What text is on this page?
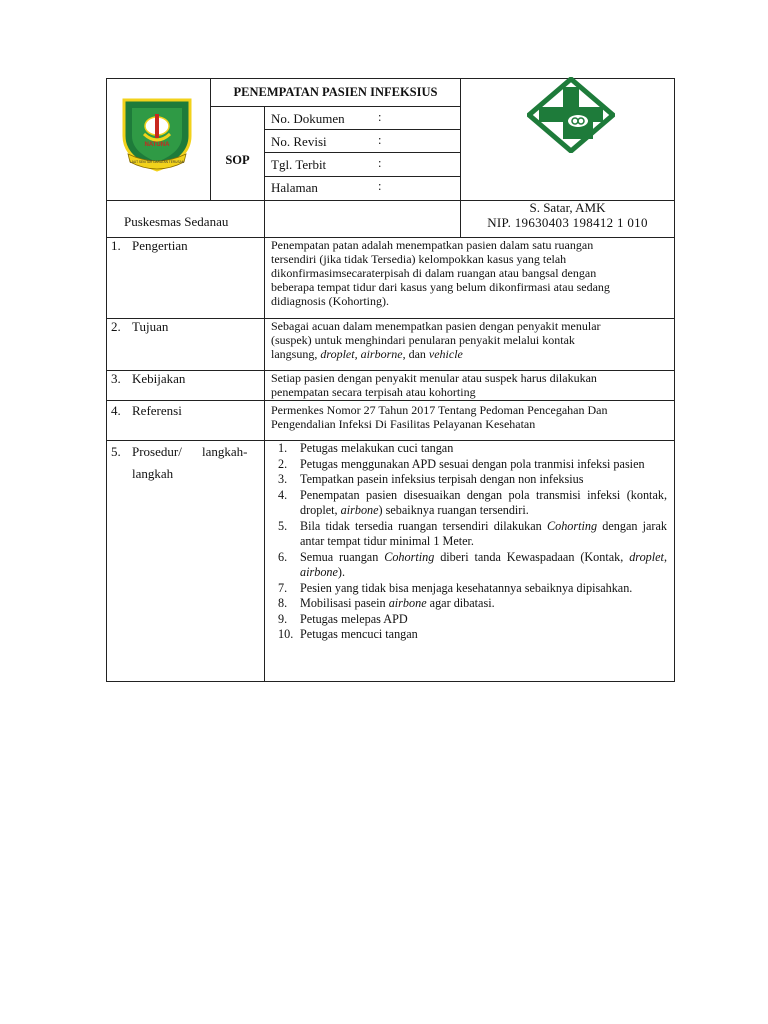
NATUNA
LAUT SEKITAR DARATAN TERUSAN
PENEMPATAN PASIEN INFEKSIUS
SOP
No. Dokumen	:
No. Revisi	:
Tgl. Terbit	:
Halaman	:
Puskesmas Sedanau
S. Satar, AMK
NIP. 19630403 198412 1 010
1. Pengertian	Penempatan patan adalah menempatkan pasien dalam satu ruangan
tersendiri (jika tidak Tersedia) kelompokkan kasus yang telah
dikonfirmasimsecaraterpisah di dalam ruangan atau bangsal dengan
beberapa tempat tidur dari kasus yang belum dikonfirmasi atau sedang
didiagnosis (Kohorting).
2. Tujuan	Sebagai acuan dalam menempatkan pasien dengan penyakit menular
(suspek) untuk menghindari penularan penyakit melalui kontak
langsung, droplet, airborne, dan vehicle
3. Kebijakan	Setiap pasien dengan penyakit menular atau suspek harus dilakukan
penempatan secara terpisah atau kohorting
4. Referensi	Permenkes Nomor 27 Tahun 2017 Tentang Pedoman Pencegahan Dan
Pengendalian Infeksi Di Fasilitas Pelayanan Kesehatan
5. Prosedur/ langkah-
langkah
1. Petugas melakukan cuci tangan
2. Petugas menggunakan APD sesuai dengan pola tranmisi infeksi pasien
3. Tempatkan pasein infeksius terpisah dengan non infeksius
4. Penempatan pasien disesuaikan dengan pola transmisi infeksi (kontak, droplet, airbone) sebaiknya ruangan tersendiri.
5. Bila tidak tersedia ruangan tersendiri dilakukan Cohorting dengan jarak antar tempat tidur minimal 1 Meter.
6. Semua ruangan Cohorting diberi tanda Kewaspadaan (Kontak, droplet, airbone).
7. Pesien yang tidak bisa menjaga kesehatannya sebaiknya dipisahkan.
8. Mobilisasi pasein airbone agar dibatasi.
9. Petugas melepas APD
10. Petugas mencuci tangan
